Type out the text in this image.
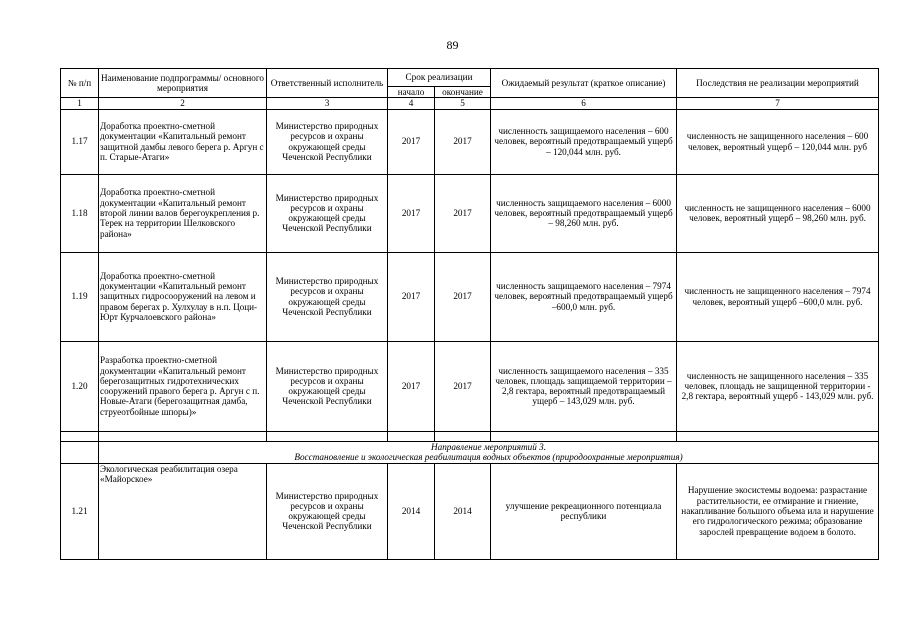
89
№ п/п	Наименование подпрограммы/ основного мероприятия	Ответственный исполнитель	Срок реализации		Ожидаемый результат (краткое описание)	Последствия не реализации мероприятий
			начало	окончание		
1	2	3	4	5	6	7
1.17	Доработка проектно-сметной документации «Капитальный ремонт защитной дамбы левого берега р. Аргун с п. Старые-Атаги»	Министерство природных ресурсов и охраны окружающей среды Чеченской Республики	2017	2017	численность защищаемого населения – 600 человек, вероятный предотвращаемый ущерб – 120,044 млн. руб.	численность не защищенного населения – 600 человек, вероятный ущерб – 120,044 млн. руб
1.18	Доработка проектно-сметной документации «Капитальный ремонт второй линии валов берегоукрепления р. Терек на территории Шелковского района»	Министерство природных ресурсов и охраны окружающей среды Чеченской Республики	2017	2017	численность защищаемого населения – 6000 человек, вероятный предотвращаемый ущерб – 98,260 млн. руб.	численность не защищенного населения – 6000 человек, вероятный ущерб – 98,260 млн. руб.
1.19	Доработка проектно-сметной документации «Капитальный ремонт защитных гидросооружений на левом и правом берегах р. Хулхулау в н.п. Цоци-Юрт Курчалоевского района»	Министерство природных ресурсов и охраны окружающей среды Чеченской Республики	2017	2017	численность защищаемого населения – 7974 человек, вероятный предотвращаемый ущерб –600,0 млн. руб.	численность не защищенного населения – 7974 человек, вероятный ущерб –600,0 млн. руб.
1.20	Разработка проектно-сметной документации «Капитальный ремонт берегозащитных гидротехнических сооружений правого берега р. Аргун с п. Новые-Атаги (берегозащитная дамба, струеотбойные шпоры)»	Министерство природных ресурсов и охраны окружающей среды Чеченской Республики	2017	2017	численность защищаемого населения – 335 человек, площадь защищаемой территории – 2,8 гектара, вероятный предотвращаемый ущерб – 143,029 млн. руб.	численность не защищенного населения – 335 человек, площадь не защищенной территории - 2,8 гектара, вероятный ущерб - 143,029 млн. руб.

	Направление мероприятий 3.
Восстановление и экологическая реабилитация водных объектов (природоохранные мероприятия)					

1.21	Экологическая реабилитация озера «Майорское»	Министерство природных ресурсов и охраны окружающей среды Чеченской Республики	2014	2014	улучшение рекреационного потенциала республики	Нарушение экосистемы водоема: разрастание растительности, ее отмирание и гниение, накапливание большого объема ила и нарушение его гидрологического режима; образование зарослей превращение водоем в болото.
